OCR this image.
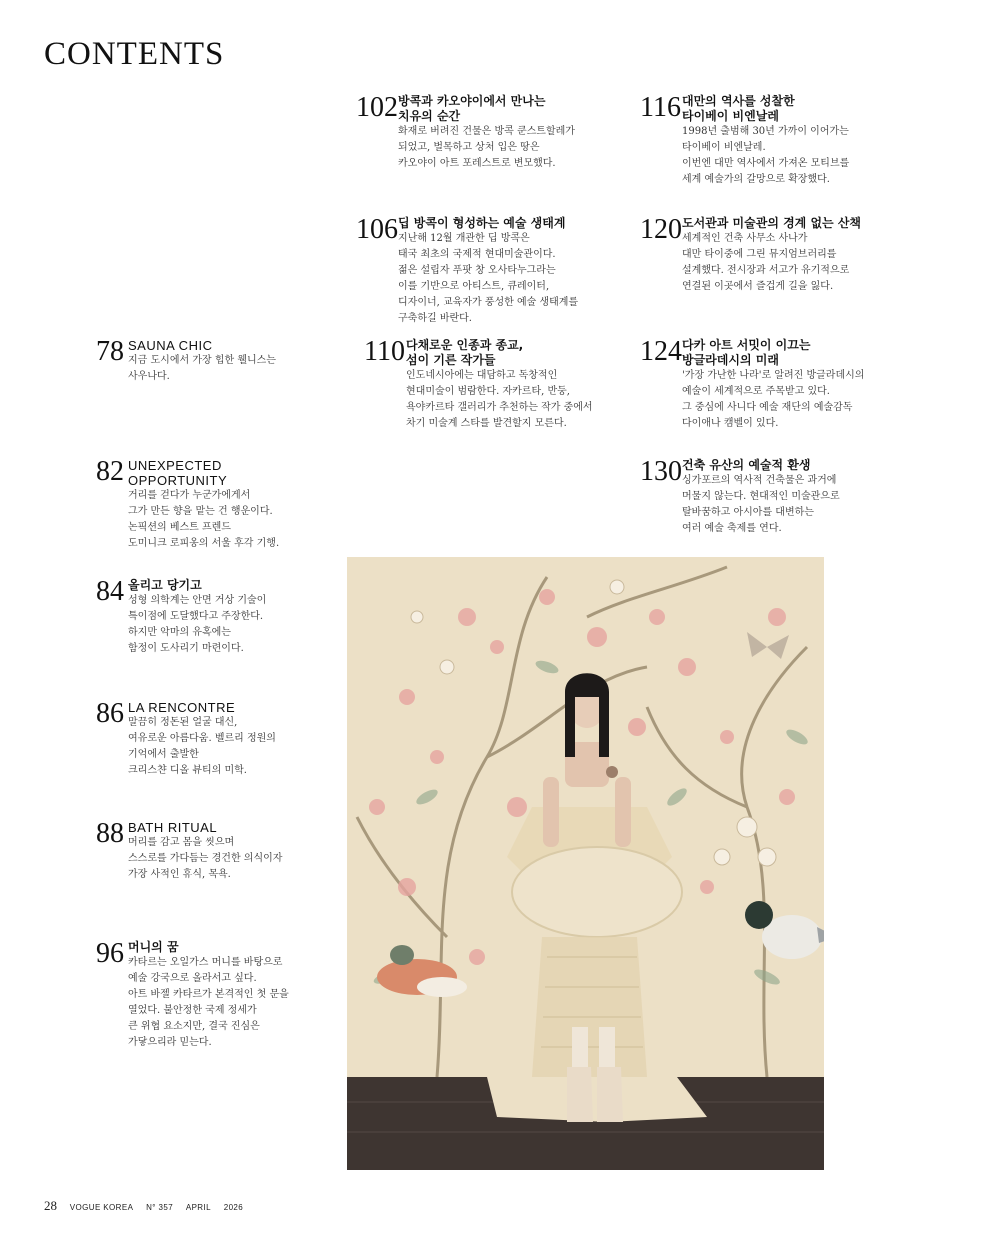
CONTENTS
102 방콕과 카오야이에서 만나는
치유의 순간
화재로 버려진 건물은 방콕 쿤스트할레가
되었고, 벌목하고 상처 입은 땅은
카오야이 아트 포레스트로 변모했다.
116 대만의 역사를 성찰한
타이베이 비엔날레
1998년 출범해 30년 가까이 이어가는
타이베이 비엔날레.
이번엔 대만 역사에서 가져온 모티브를
세계 예술가의 갈망으로 확장했다.
106 딥 방콕이 형성하는 예술 생태계
지난해 12월 개관한 딥 방콕은
태국 최초의 국제적 현대미술관이다.
젊은 설립자 푸팟 창 오사타누그라는
이를 기반으로 아티스트, 큐레이터,
디자이너, 교육자가 풍성한 예술 생태계를
구축하길 바란다.
120 도서관과 미술관의 경계 없는 산책
세계적인 건축 사무소 사나가
대만 타이중에 그린 뮤지엄브러리를
설계했다. 전시장과 서고가 유기적으로
연결된 이곳에서 즐겁게 길을 잃다.
78 SAUNA CHIC
지금 도시에서 가장 힙한 웰니스는
사우나다.
110 다채로운 인종과 종교,
섬이 기른 작가들
인도네시아에는 대담하고 독창적인
현대미술이 범람한다. 자카르타, 반둥,
욕야카르타 갤러리가 추천하는 작가 중에서
차기 미술계 스타를 발견할지 모른다.
124 다카 아트 서밋이 이끄는
방글라데시의 미래
'가장 가난한 나라'로 알려진 방글라데시의
예술이 세계적으로 주목받고 있다.
그 중심에 사니다 예술 재단의 예술감독
다이애나 캠벨이 있다.
82 UNEXPECTED
OPPORTUNITY
거리를 걷다가 누군가에게서
그가 만든 향을 맡는 건 행운이다.
논픽션의 베스트 프렌드
도미니크 로피옹의 서울 후각 기행.
130 건축 유산의 예술적 환생
싱가포르의 역사적 건축물은 과거에
머물지 않는다. 현대적인 미술관으로
탈바꿈하고 아시아를 대변하는
여러 예술 축제를 연다.
84 올리고 당기고
성형 의학계는 안면 거상 기술이
특이점에 도달했다고 주장한다.
하지만 악마의 유혹에는
함정이 도사리기 마련이다.
86 LA RENCONTRE
말끔히 정돈된 얼굴 대신,
여유로운 아름다움. 벨르리 정원의
기억에서 출발한
크리스챤 디올 뷰티의 미학.
88 BATH RITUAL
머리를 감고 몸을 씻으며
스스로를 가다듬는 경건한 의식이자
가장 사적인 휴식, 목욕.
96 머니의 꿈
카타르는 오일가스 머니를 바탕으로
예술 강국으로 올라서고 싶다.
아트 바젤 카타르가 본격적인 첫 문을
열었다. 불안정한 국제 정세가
큰 위협 요소지만, 결국 진심은
가닿으리라 믿는다.
28 VOGUE KOREA N° 357 APRIL 2026
